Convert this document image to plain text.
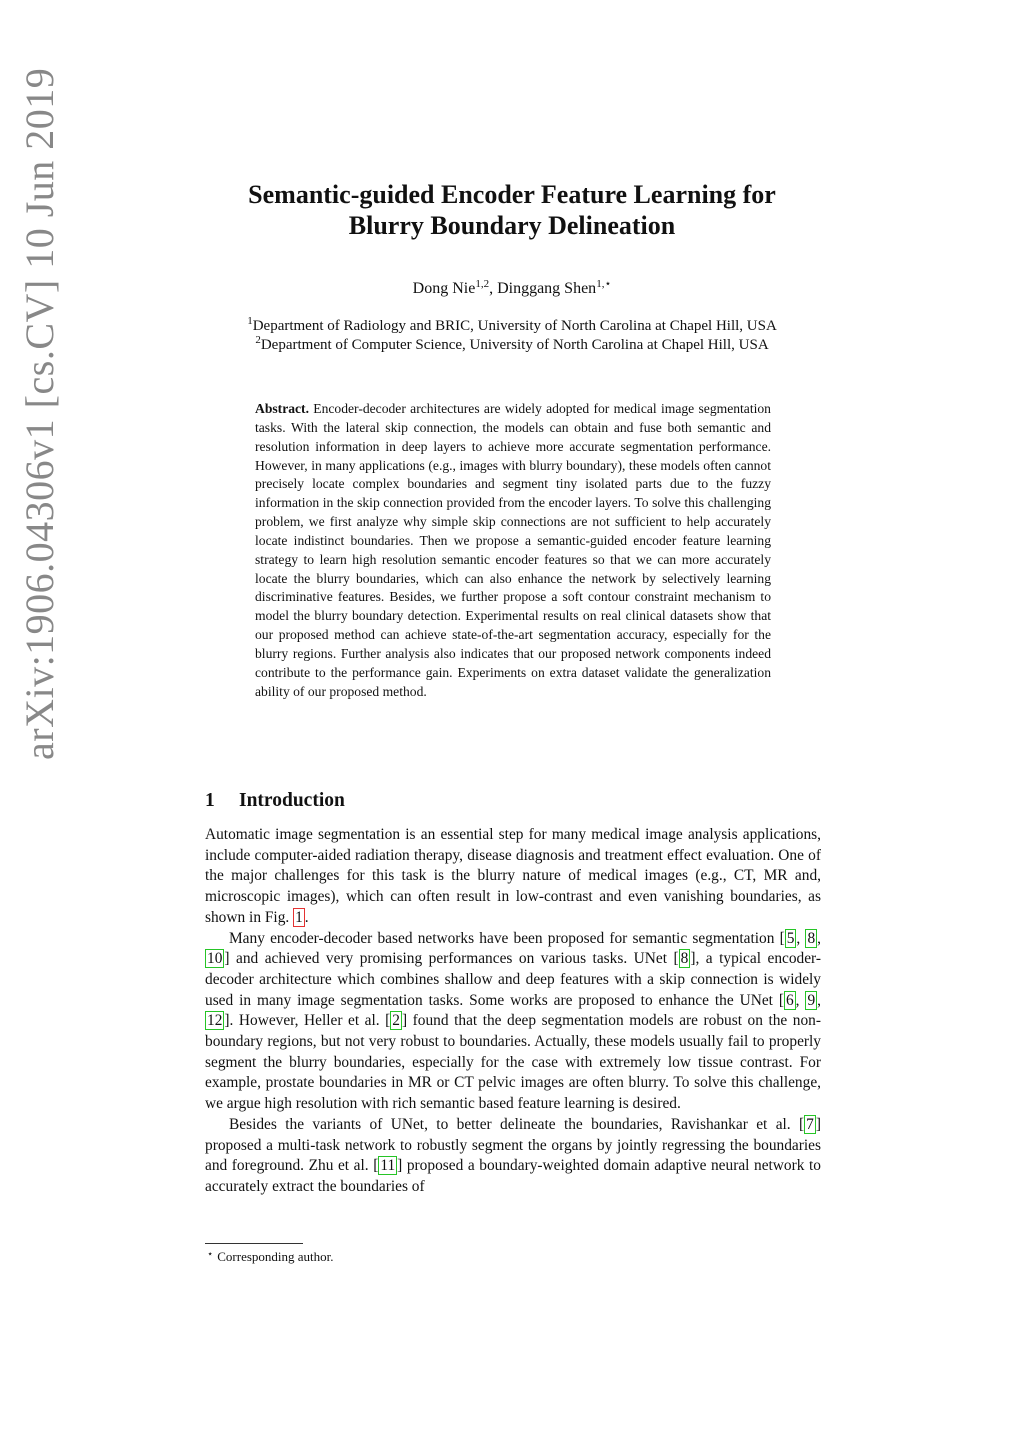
arXiv:1906.04306v1 [cs.CV] 10 Jun 2019	Semantic-guided Encoder Feature Learning for
Blurry Boundary Delineation
Dong Nie$^{1,2}$, Dinggang Shen$^{1,⋆}$
$^1$Department of Radiology and BRIC, University of North Carolina at Chapel Hill, USA
$^2$Department of Computer Science, University of North Carolina at Chapel Hill, USA
Abstract. Encoder-decoder architectures are widely adopted for medical image segmentation tasks. With the lateral skip connection, the models can obtain and fuse both semantic and resolution information in deep layers to achieve more accurate segmentation performance. However, in many applications (e.g., images with blurry boundary), these models often cannot precisely locate complex boundaries and segment tiny isolated parts due to the fuzzy information in the skip connection provided from the encoder layers. To solve this challenging problem, we first analyze why simple skip connections are not sufficient to help accurately locate indistinct boundaries. Then we propose a semantic-guided encoder feature learning strategy to learn high resolution semantic encoder features so that we can more accurately locate the blurry boundaries, which can also enhance the network by selectively learning discriminative features. Besides, we further propose a soft contour constraint mechanism to model the blurry boundary detection. Experimental results on real clinical datasets show that our proposed method can achieve state-of-the-art segmentation accuracy, especially for the blurry regions. Further analysis also indicates that our proposed network components indeed contribute to the performance gain. Experiments on extra dataset validate the generalization ability of our proposed method.
1 Introduction

Automatic image segmentation is an essential step for many medical image analysis applications, include computer-aided radiation therapy, disease diagnosis and treatment effect evaluation. One of the major challenges for this task is the blurry nature of medical images (e.g., CT, MR and, microscopic images), which can often result in low-contrast and even vanishing boundaries, as shown in Fig. 1 .

Many encoder-decoder based networks have been proposed for semantic segmentation [ 5 , 8 , 10 ] and achieved very promising performances on various tasks. UNet [ 8 ], a typical encoder-decoder architecture which combines shallow and deep features with a skip connection is widely used in many image segmentation tasks. Some works are proposed to enhance the UNet [ 6 , 9 , 12 ]. However, Heller et al. [ 2 ] found that the deep segmentation models are robust on the non-boundary regions, but not very robust to boundaries. Actually, these models usually fail to properly segment the blurry boundaries, especially for the case with extremely low tissue contrast. For example, prostate boundaries in MR or CT pelvic images are often blurry. To solve this challenge, we argue high resolution with rich semantic based feature learning is desired.

Besides the variants of UNet, to better delineate the boundaries, Ravishankar et al. [ 7 ] proposed a multi-task network to robustly segment the organs by jointly regressing the boundaries and foreground. Zhu et al. [ 11 ] proposed a boundary-weighted domain adaptive neural network to accurately extract the boundaries of

⋆ Corresponding author.
